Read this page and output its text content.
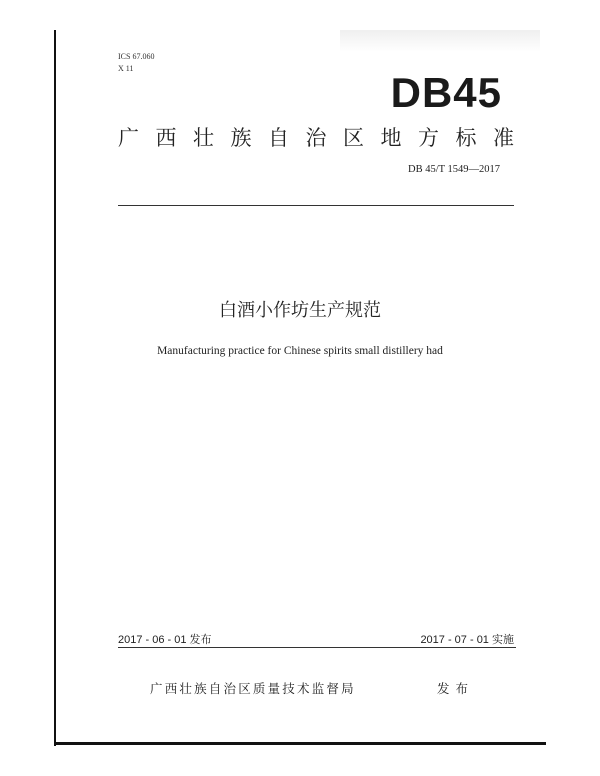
ICS 67.060
X 11
DB45
广西壮族自治区地方标准
DB 45/T 1549—2017
白酒小作坊生产规范
Manufacturing practice for Chinese spirits small distillery had
2017 - 06 - 01 发布	2017 - 07 - 01 实施
广西壮族自治区质量技术监督局	发布
